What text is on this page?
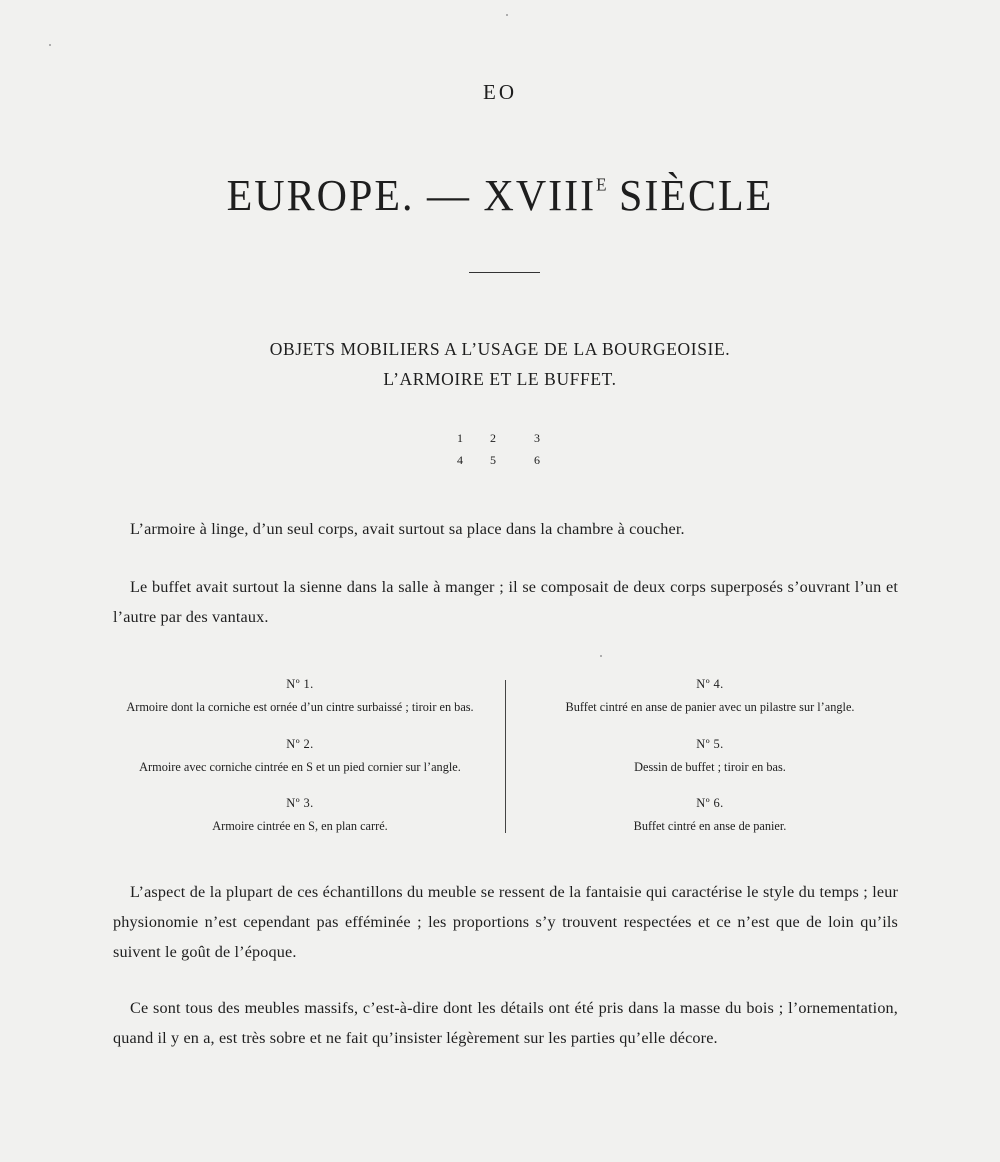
EO
EUROPE. — $XVIII^E$ SIÈCLE
OBJETS MOBILIERS A L’USAGE DE LA BOURGEOISIE.
L’ARMOIRE ET LE BUFFET.
1	2	3
4	5	6

L’armoire à linge, d’un seul corps, avait surtout sa place dans la chambre à coucher.

Le buffet avait surtout la sienne dans la salle à manger ; il se composait de deux corps superposés s’ouvrant l’un et l’autre par des vantaux.

Nº 1.
Armoire dont la corniche est ornée d’un cintre surbaissé ; tiroir en bas.
Nº 2.
Armoire avec corniche cintrée en S et un pied cornier sur l’angle.
Nº 3.
Armoire cintrée en S, en plan carré.
Nº 4.
Buffet cintré en anse de panier avec un pilastre sur l’angle.
Nº 5.
Dessin de buffet ; tiroir en bas.
Nº 6.
Buffet cintré en anse de panier.

L’aspect de la plupart de ces échantillons du meuble se ressent de la fantaisie qui caractérise le style du temps ; leur physionomie n’est cependant pas efféminée ; les proportions s’y trouvent respectées et ce n’est que de loin qu’ils suivent le goût de l’époque.

Ce sont tous des meubles massifs, c’est-à-dire dont les détails ont été pris dans la masse du bois ; l’ornementation, quand il y en a, est très sobre et ne fait qu’insister légèrement sur les parties qu’elle décore.
